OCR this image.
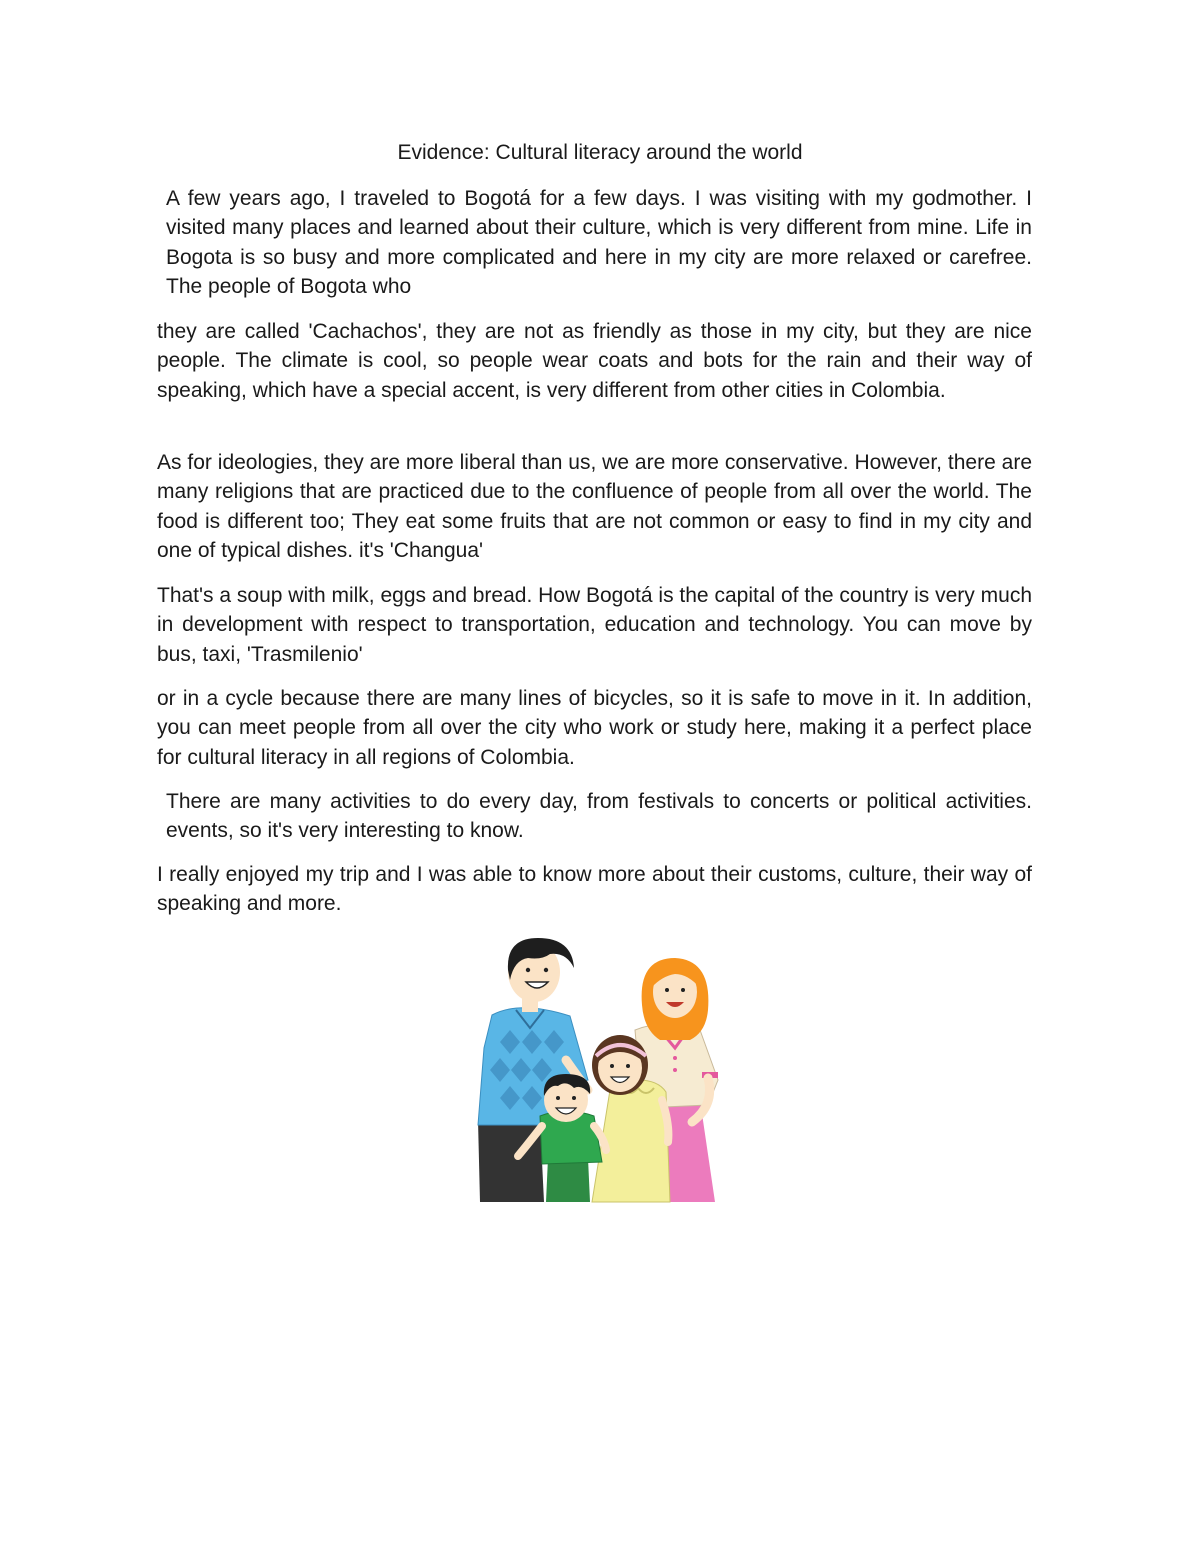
Evidence: Cultural literacy around the world

A few years ago, I traveled to Bogotá for a few days. I was visiting with my godmother. I visited many places and learned about their culture, which is very different from mine. Life in Bogota is so busy and more complicated and here in my city are more relaxed or carefree. The people of Bogota who

they are called 'Cachachos', they are not as friendly as those in my city, but they are nice people. The climate is cool, so people wear coats and bots for the rain and their way of speaking, which have a special accent, is very different from other cities in Colombia.

As for ideologies, they are more liberal than us, we are more conservative. However, there are many religions that are practiced due to the confluence of people from all over the world. The food is different too; They eat some fruits that are not common or easy to find in my city and one of typical dishes. it's 'Changua'

That's a soup with milk, eggs and bread. How Bogotá is the capital of the country is very much in development with respect to transportation, education and technology. You can move by bus, taxi, 'Trasmilenio'

or in a cycle because there are many lines of bicycles, so it is safe to move in it. In addition, you can meet people from all over the city who work or study here, making it a perfect place for cultural literacy in all regions of Colombia.

There are many activities to do every day, from festivals to concerts or political activities. events, so it's very interesting to know.

I really enjoyed my trip and I was able to know more about their customs, culture, their way of speaking and more.
